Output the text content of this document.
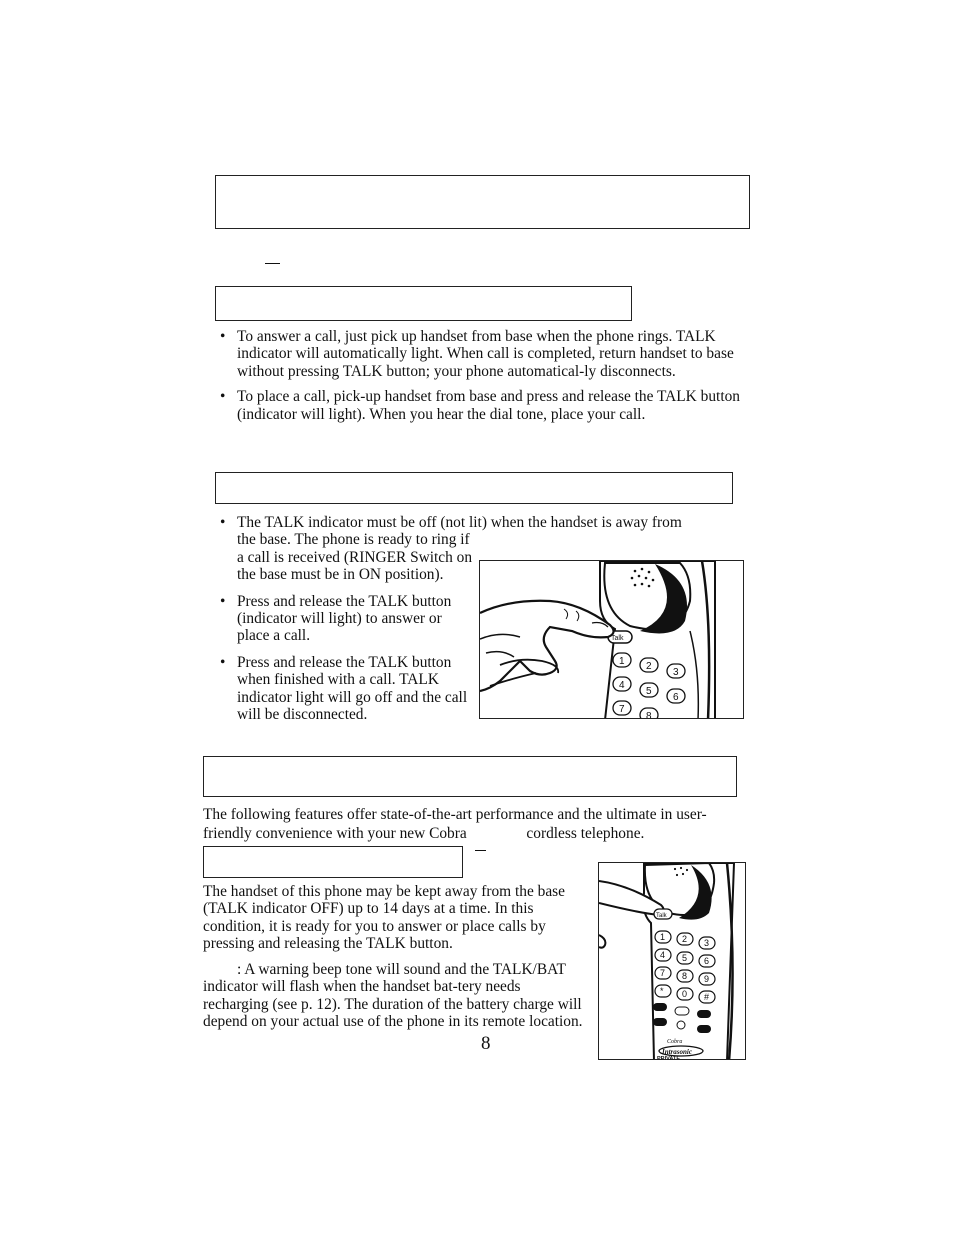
• To answer a call, just pick up handset from base when the phone rings. TALK indicator will automatically light. When call is completed, return handset to base without pressing TALK button; your phone automatical-ly disconnects.
• To place a call, pick-up handset from base and press and release the TALK button (indicator will light). When you hear the dial tone, place your call.
• The TALK indicator must be off (not lit) when the handset is away from
the base. The phone is ready to ring if a call is received (RINGER Switch on the base must be in ON position).
• Press and release the TALK button (indicator will light) to answer or place a call.
• Press and release the TALK button when finished with a call. TALK indicator light will go off and the call will be disconnected.
Talk
1 2
3
4
5
6
7
8

The following features offer state-of-the-art performance and the ultimate in user-friendly convenience with your new Cobra	cordless telephone.

The handset of this phone may be kept away from the base (TALK indicator OFF) up to 14 days at a time. In this condition, it is ready for you to answer or place calls by pressing and releasing the TALK button.

: A warning beep tone will sound and the TALK/BAT indicator will flash when the handset bat-tery needs recharging (see p. 12). The duration of the battery charge will depend on your actual use of the phone in its remote location.

Talk
1 2 3
4 5 6
7 8 9
* 0 #
Cobra
Intrasonic
PRIVATE
8
